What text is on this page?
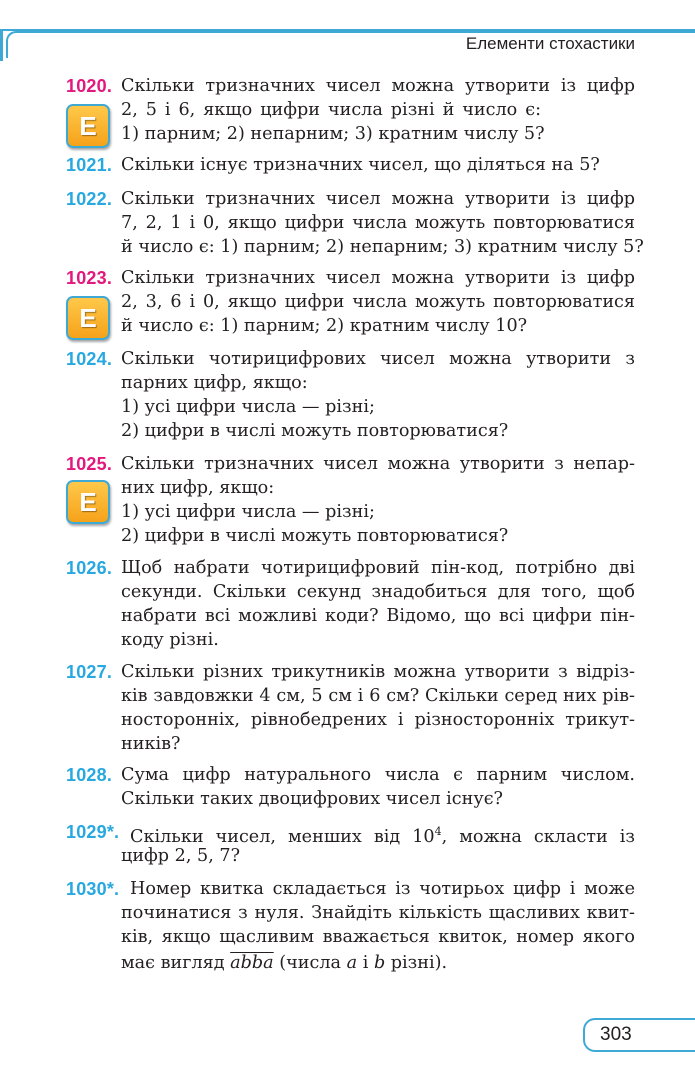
Елементи стохастики
1020.
Е
Скільки тризначних чисел можна утворити із цифр
2, 5 і 6, якщо цифри числа різні й число є:
1) парним; 2) непарним; 3) кратним числу 5?
1021. Скільки існує тризначних чисел, що діляться на 5?
1022. Скільки тризначних чисел можна утворити із цифр
7, 2, 1 і 0, якщо цифри числа можуть повторюватися
й число є: 1) парним; 2) непарним; 3) кратним числу 5?
1023.
Е
Скільки тризначних чисел можна утворити із цифр
2, 3, 6 і 0, якщо цифри числа можуть повторюватися
й число є: 1) парним; 2) кратним числу 10?
1024. Скільки чотирицифрових чисел можна утворити з
парних цифр, якщо:
1) усі цифри числа — різні;
2) цифри в числі можуть повторюватися?
1025.
Е
Скільки тризначних чисел можна утворити з непар-
них цифр, якщо:
1) усі цифри числа — різні;
2) цифри в числі можуть повторюватися?
1026. Щоб набрати чотирицифровий пін-код, потрібно дві
секунди. Скільки секунд знадобиться для того, щоб
набрати всі можливі коди? Відомо, що всі цифри пін-
коду різні.
1027. Скільки різних трикутників можна утворити з відріз-
ків завдовжки 4 см, 5 см і 6 см? Скільки серед них рів-
носторонніх, рівнобедрених і різносторонніх трикут-
ників?
1028. Сума цифр натурального числа є парним числом.
Скільки таких двоцифрових чисел існує?
1029*. Скільки чисел, менших від $10^4$, можна скласти із
цифр 2, 5, 7?
1030*. Номер квитка складається із чотирьох цифр і може
починатися з нуля. Знайдіть кількість щасливих квит-
ків, якщо щасливим вважається квиток, номер якого
має вигляд abba (числа a і b різні).
303
